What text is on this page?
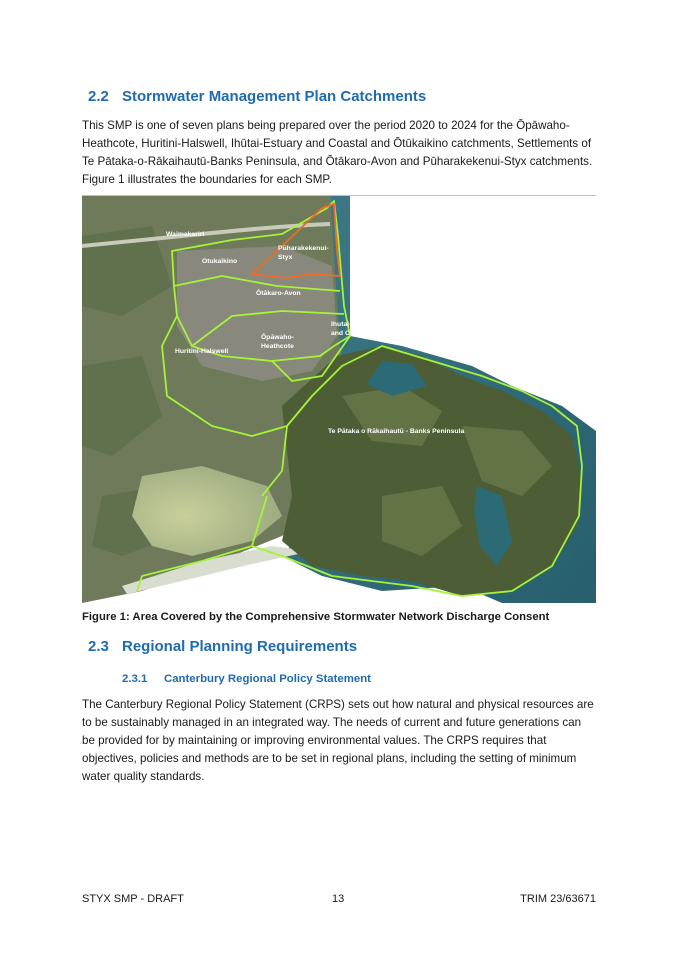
2.2 Stormwater Management Plan Catchments

This SMP is one of seven plans being prepared over the period 2020 to 2024 for the Ōpāwaho-Heathcote, Huritini-Halswell, Ihūtai-Estuary and Coastal and Ōtūkaikino catchments, Settlements of Te Pātaka-o-Rākaihautū-Banks Peninsula, and Ōtākaro-Avon and Pūharakekenui-Styx catchments. Figure 1 illustrates the boundaries for each SMP.

Waimakariri
Otukaikino
Pūharakekenui-
Styx
Ōtākaro-Avon
Ihutai-Estuary
and Coast
Ōpāwaho-
Heathcote
Huritini-Halswell
Te Pātaka o Rākaihautū - Banks Peninsula
Figure 1: Area Covered by the Comprehensive Stormwater Network Discharge Consent
2.3 Regional Planning Requirements
2.3.1 Canterbury Regional Policy Statement

The Canterbury Regional Policy Statement (CRPS) sets out how natural and physical resources are to be sustainably managed in an integrated way. The needs of current and future generations can be provided for by maintaining or improving environmental values. The CRPS requires that objectives, policies and methods are to be set in regional plans, including the setting of minimum water quality standards.

STYX SMP - DRAFT	13	TRIM 23/63671
